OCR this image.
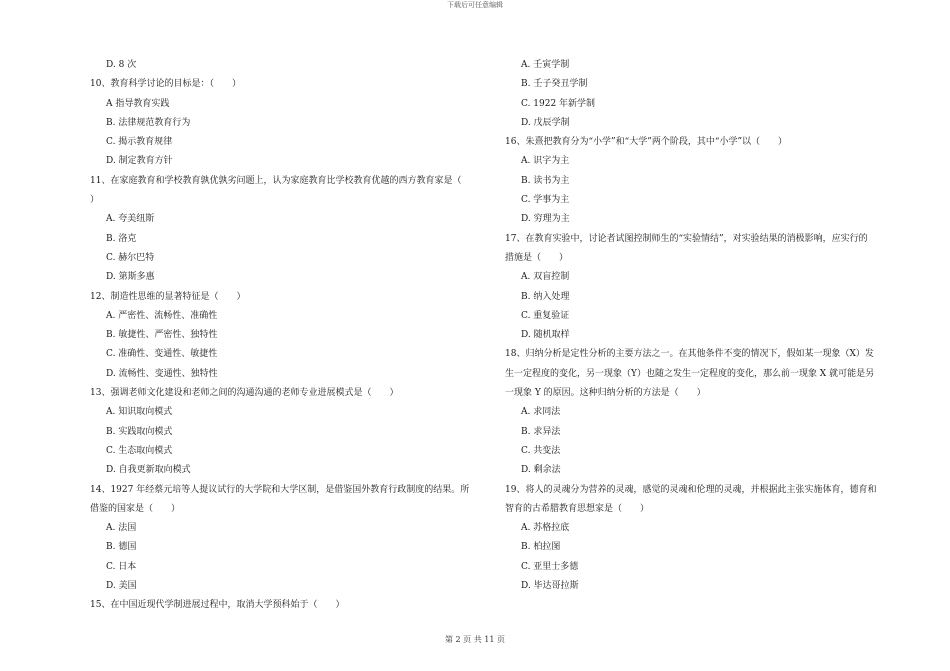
下载后可任意编辑
D. 8 次
10、教育科学讨论的目标是：（　　）
A 指导教育实践
B. 法律规范教育行为
C. 揭示教育规律
D. 制定教育方针
11、在家庭教育和学校教育孰优孰劣问题上，认为家庭教育比学校教育优越的西方教育家是（
）
A. 夸美纽斯
B. 洛克
C. 赫尔巴特
D. 第斯多惠
12、制造性思维的显著特征是（　　）
A. 严密性、流畅性、准确性
B. 敏捷性、严密性、独特性
C. 准确性、变通性、敏捷性
D. 流畅性、变通性、独特性
13、强调老师文化建设和老师之间的沟通沟通的老师专业进展模式是（　　）
A. 知识取向模式
B. 实践取向模式
C. 生态取向模式
D. 自我更新取向模式
14、1927 年经蔡元培等人提议试行的大学院和大学区制，是借鉴国外教育行政制度的结果。所
借鉴的国家是（　　）
A. 法国
B. 德国
C. 日本
D. 美国
15、在中国近现代学制进展过程中，取消大学预科始于（　　）
A. 壬寅学制
B. 壬子癸丑学制
C. 1922 年新学制
D. 戊辰学制
16、朱熹把教育分为“小学”和“大学”两个阶段，其中“小学”以（　　）
A. 识字为主
B. 读书为主
C. 学事为主
D. 穷理为主
17、在教育实验中，讨论者试图控制师生的“实验情结”，对实验结果的消极影响，应实行的
措施是（　　）
A. 双盲控制
B. 纳入处理
C. 重复验证
D. 随机取样
18、归纳分析是定性分析的主要方法之一。在其他条件不变的情况下，假如某一现象（X）发
生一定程度的变化，另一现象（Y）也随之发生一定程度的变化，那么前一现象 X 就可能是另
一现象 Y 的原因。这种归纳分析的方法是（　　）
A. 求同法
B. 求异法
C. 共变法
D. 剩余法
19、将人的灵魂分为营养的灵魂，感觉的灵魂和伦理的灵魂，并根据此主张实施体育，德育和
智育的古希腊教育思想家是（　　）
A. 苏格拉底
B. 柏拉图
C. 亚里士多德
D. 毕达哥拉斯
第 2 页 共 11 页
